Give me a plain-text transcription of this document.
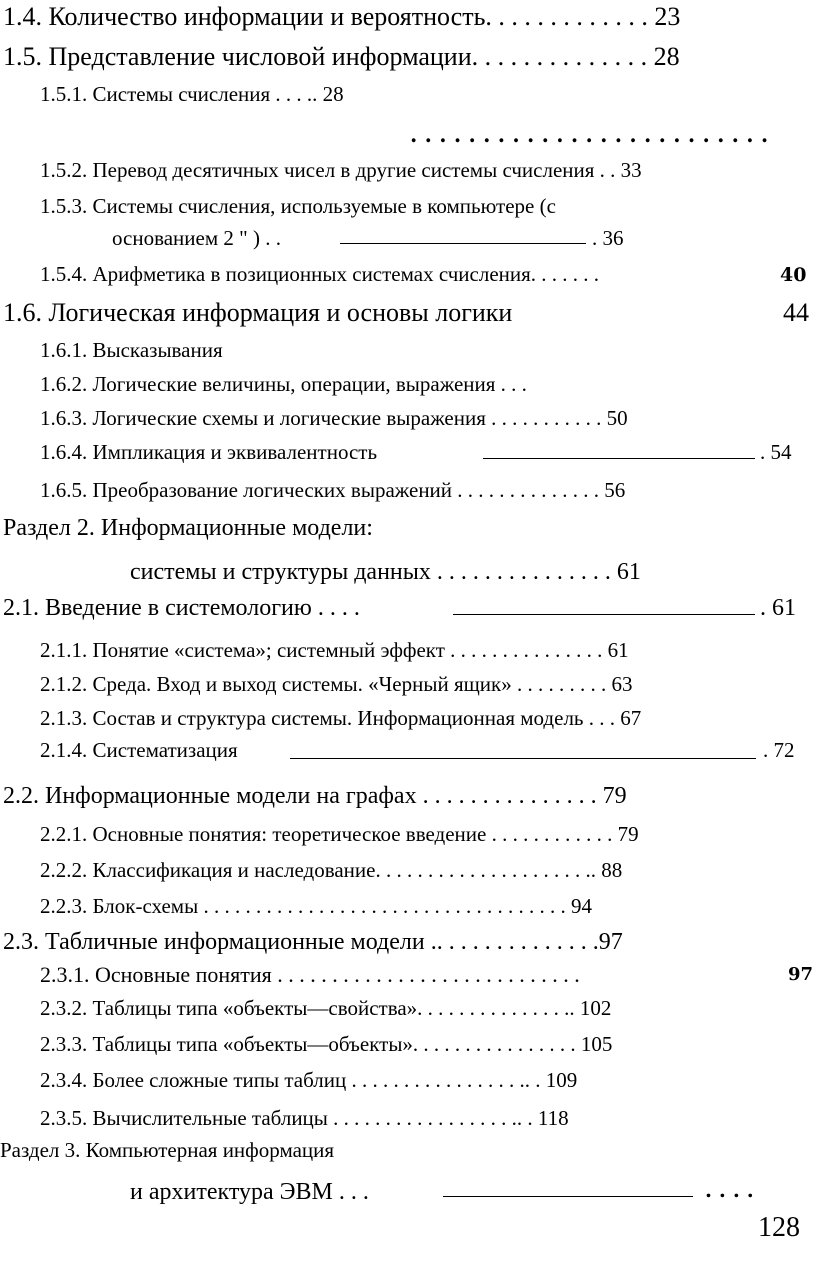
1.4. Количество информации и вероятность. . . . . . . . . . . . . 23
1.5. Представление числовой информации. . . . . . . . . . . . . . 28
1.5.1. Системы счисления . . . .. 28
. . . . . . . . . . . . . . . . . . . . . . . . .
1.5.2. Перевод десятичных чисел в другие системы счисления . . 33
1.5.3. Системы счисления, используемые в компьютере (с
основанием 2 " ) . .	. 36
1.5.4. Арифметика в позиционных системах счисления. . . . . . .	40
1.6. Логическая информация и основы логики	44
1.6.1. Высказывания
1.6.2. Логические величины, операции, выражения . . .
1.6.3. Логические схемы и логические выражения . . . . . . . . . . . 50
1.6.4. Импликация и эквивалентность	. 54
1.6.5. Преобразование логических выражений . . . . . . . . . . . . . . 56
Раздел 2. Информационные модели:
системы и структуры данных . . . . . . . . . . . . . . . 61
2.1. Введение в системологию . . . .	. 61
2.1.1. Понятие «система»; системный эффект . . . . . . . . . . . . . . . 61
2.1.2. Среда. Вход и выход системы. «Черный ящик» . . . . . . . . . 63
2.1.3. Состав и структура системы. Информационная модель . . . 67
2.1.4. Систематизация	. 72
2.2. Информационные модели на графах . . . . . . . . . . . . . . . 79
2.2.1. Основные понятия: теоретическое введение . . . . . . . . . . . . 79
2.2.2. Классификация и наследование. . . . . . . . . . . . . . . . . . . . .. 88
2.2.3. Блок-схемы . . . . . . . . . . . . . . . . . . . . . . . . . . . . . . . . . . . 94
2.3. Табличные информационные модели .. . . . . . . . . . . . . .97
2.3.1. Основные понятия . . . . . . . . . . . . . . . . . . . . . . . . . . . .	97
2.3.2. Таблицы типа «объекты—свойства». . . . . . . . . . . . . . .. 102
2.3.3. Таблицы типа «объекты—объекты». . . . . . . . . . . . . . . . 105
2.3.4. Более сложные типы таблиц . . . . . . . . . . . . . . . . .. . 109
2.3.5. Вычислительные таблицы . . . . . . . . . . . . . . . . . .. . 118
Раздел 3. Компьютерная информация
и архитектура ЭВМ . . .	. . . .
128
